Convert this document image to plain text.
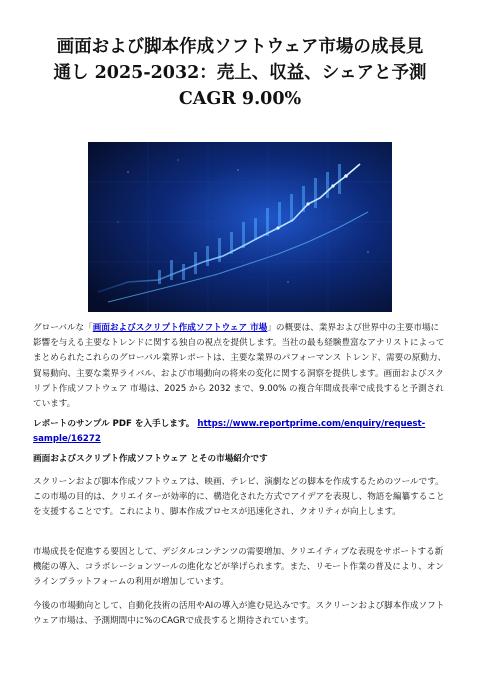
画面および脚本作成ソフトウェア市場の成長見
通し 2025-2032：売上、収益、シェアと予測
CAGR 9.00%

グローバルな「画面およびスクリプト作成ソフトウェア 市場」の概要は、業界および世界中の主要市場に影響を与える主要なトレンドに関する独自の視点を提供します。当社の最も経験豊富なアナリストによってまとめられたこれらのグローバル業界レポートは、主要な業界のパフォーマンス トレンド、需要の原動力、貿易動向、主要な業界ライバル、および市場動向の将来の変化に関する洞察を提供します。画面およびスクリプト作成ソフトウェア 市場は、2025 から 2032 まで、9.00% の複合年間成長率で成長すると予測されています。

レポートのサンプル PDF を入手します。 https://www.reportprime.com/enquiry/request-sample/16272

画面およびスクリプト作成ソフトウェア とその市場紹介です

スクリーンおよび脚本作成ソフトウェアは、映画、テレビ、演劇などの脚本を作成するためのツールです。この市場の目的は、クリエイターが効率的に、構造化された方式でアイデアを表現し、物語を編纂することを支援することです。これにより、脚本作成プロセスが迅速化され、クオリティが向上します。

市場成長を促進する要因として、デジタルコンテンツの需要増加、クリエイティブな表現をサポートする新機能の導入、コラボレーションツールの進化などが挙げられます。また、リモート作業の普及により、オンラインプラットフォームの利用が増加しています。

今後の市場動向として、自動化技術の活用やAIの導入が進む見込みです。スクリーンおよび脚本作成ソフトウェア市場は、予測期間中に%のCAGRで成長すると期待されています。
